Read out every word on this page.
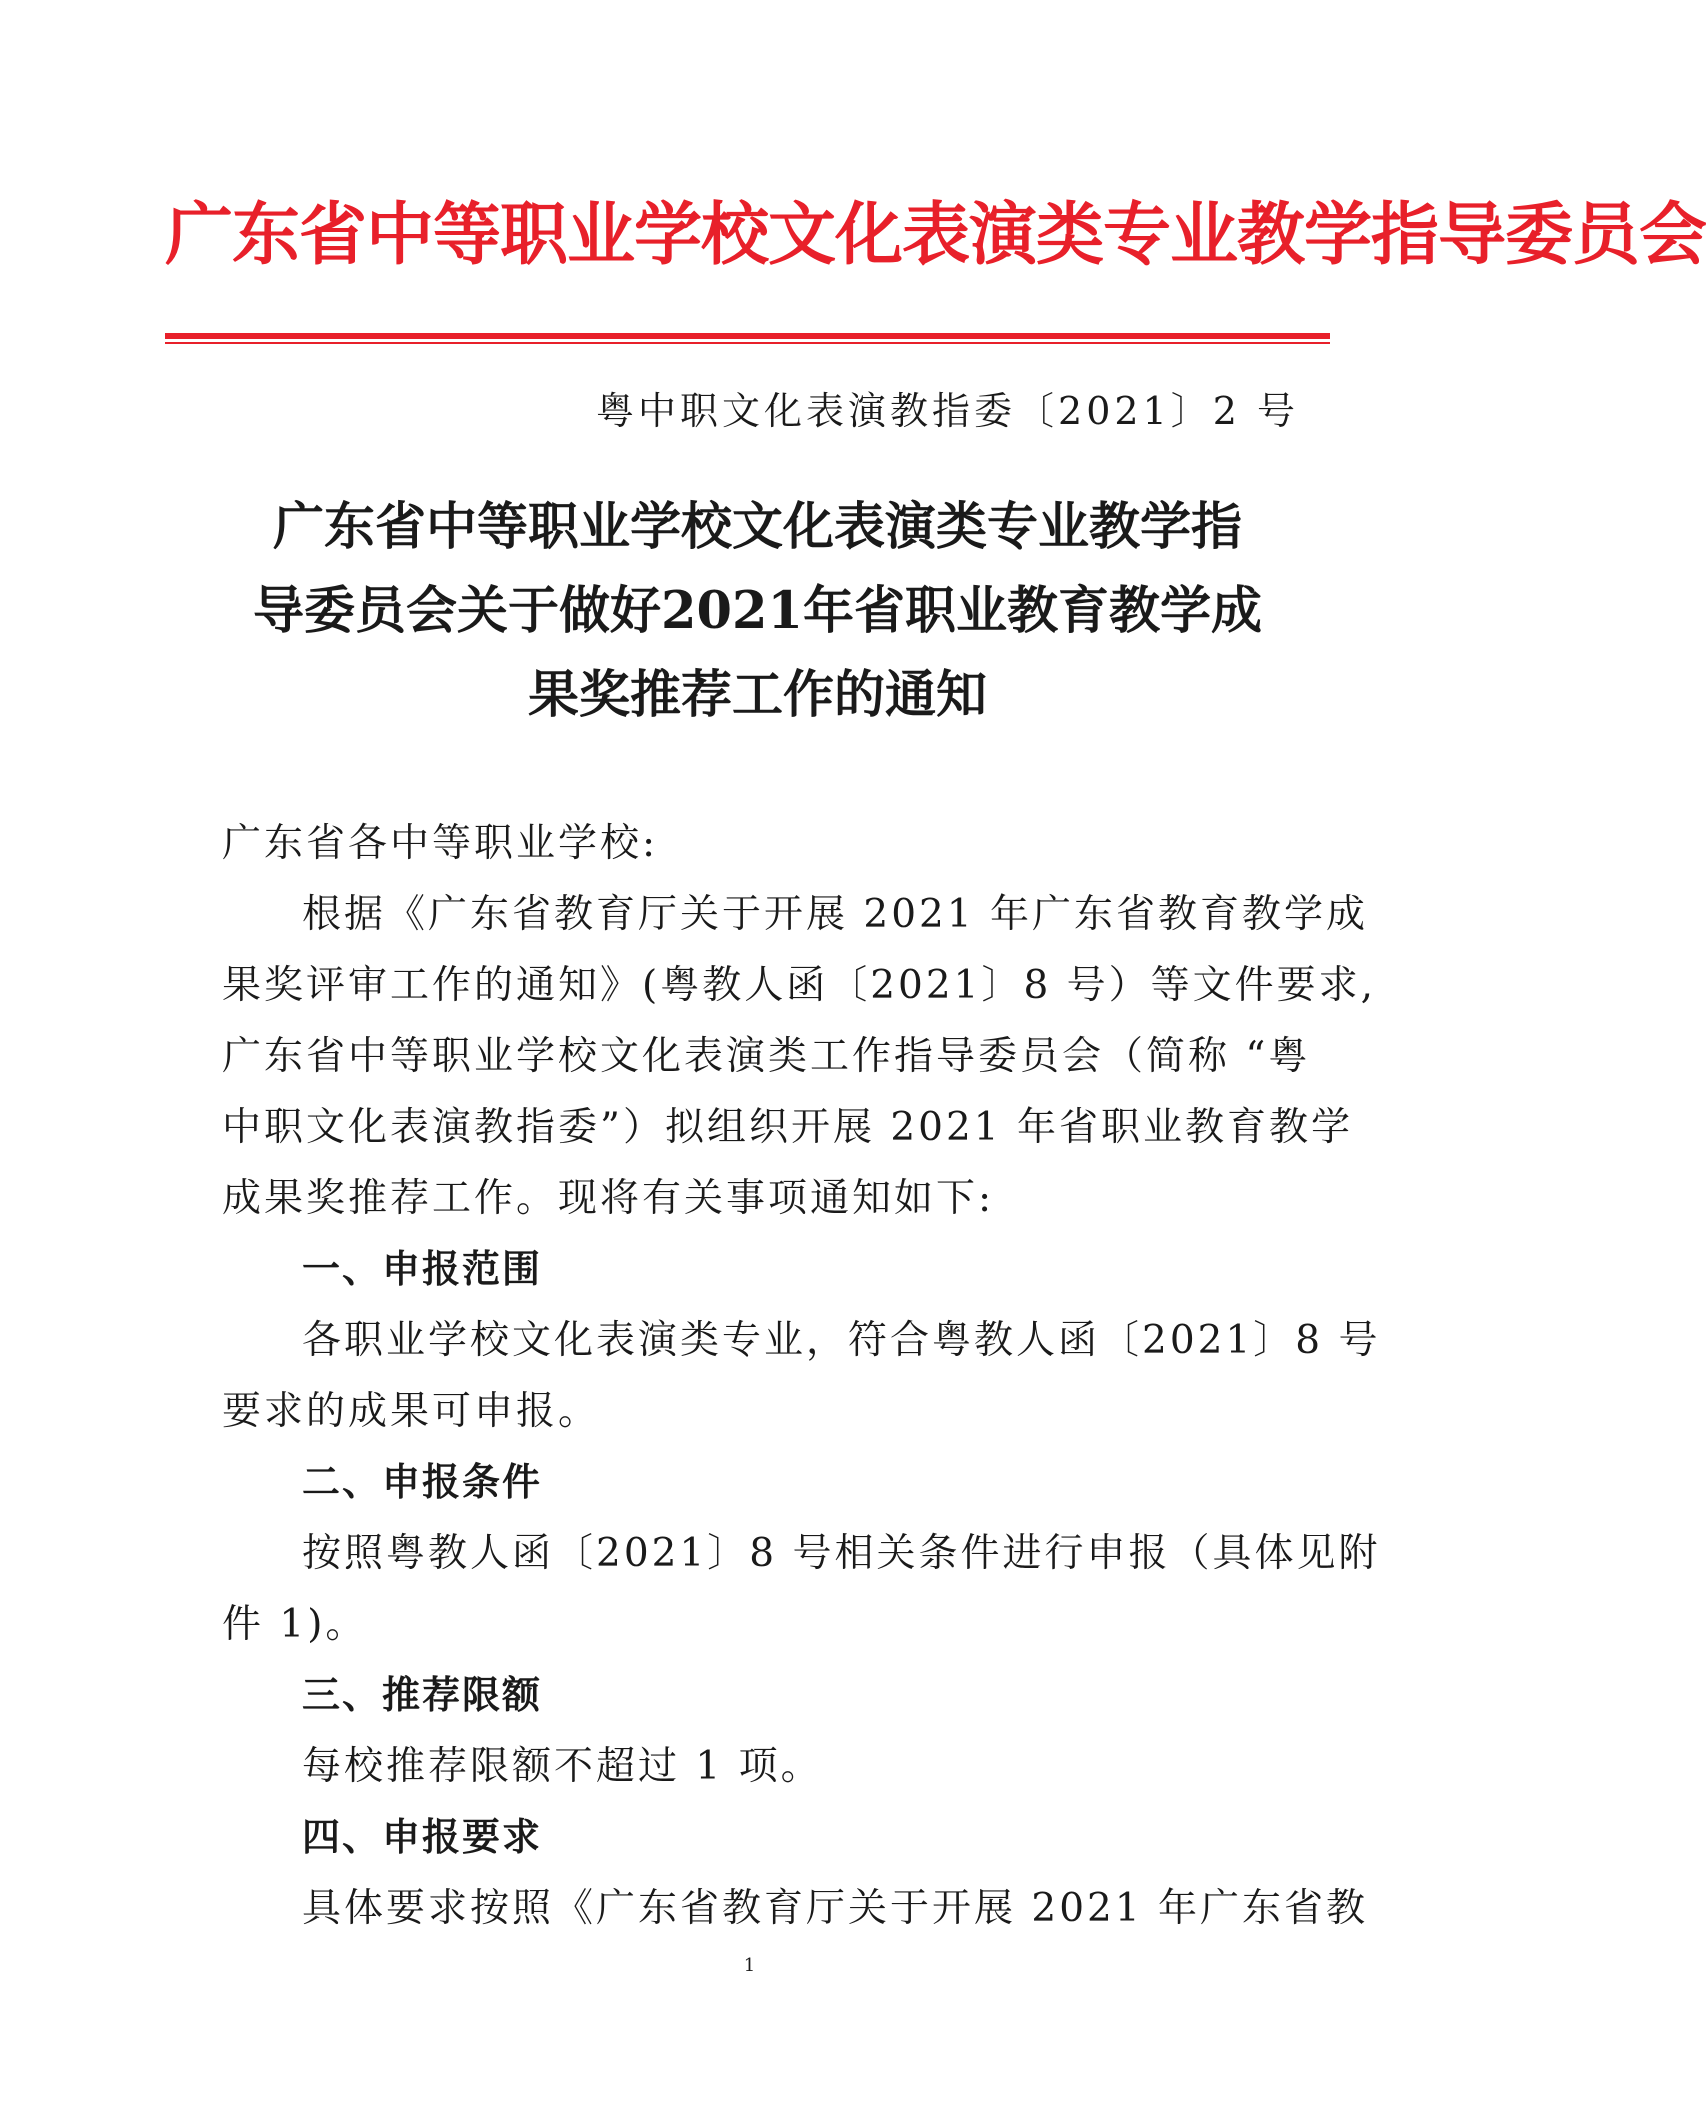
广东省中等职业学校文化表演类专业教学指导委员会
粤中职文化表演教指委〔2021〕2 号
广东省中等职业学校文化表演类专业教学指
导委员会关于做好2021年省职业教育教学成
果奖推荐工作的通知

广东省各中等职业学校:

根据《广东省教育厅关于开展 2021 年广东省教育教学成

果奖评审工作的通知》(粤教人函〔2021〕8 号）等文件要求,

广东省中等职业学校文化表演类工作指导委员会（简称 “粤

中职文化表演教指委”）拟组织开展 2021 年省职业教育教学

成果奖推荐工作。现将有关事项通知如下:

一、申报范围

各职业学校文化表演类专业，符合粤教人函〔2021〕8 号

要求的成果可申报。

二、申报条件

按照粤教人函〔2021〕8 号相关条件进行申报（具体见附

件 1)。

三、推荐限额

每校推荐限额不超过 1 项。

四、申报要求

具体要求按照《广东省教育厅关于开展 2021 年广东省教

1
